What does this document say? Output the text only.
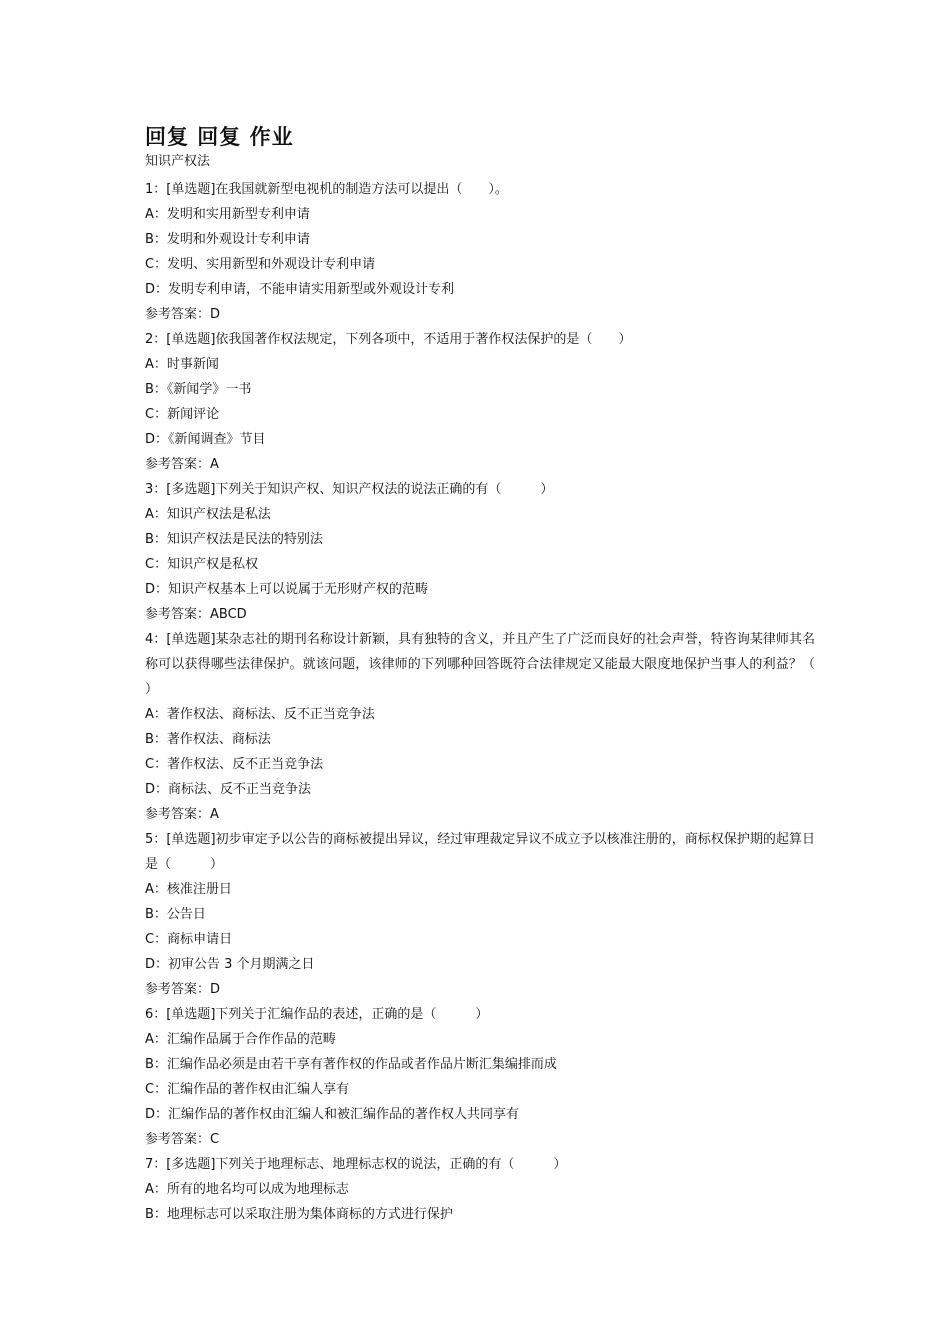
回复 回复 作业
知识产权法
1：[单选题]在我国就新型电视机的制造方法可以提出（　　）。
A：发明和实用新型专利申请
B：发明和外观设计专利申请
C：发明、实用新型和外观设计专利申请
D：发明专利申请，不能申请实用新型或外观设计专利
参考答案：D
2：[单选题]依我国著作权法规定，下列各项中，不适用于著作权法保护的是（　　）
A：时事新闻
B：《新闻学》一书
C：新闻评论
D：《新闻调查》节目
参考答案：A
3：[多选题]下列关于知识产权、知识产权法的说法正确的有（　　　）
A：知识产权法是私法
B：知识产权法是民法的特别法
C：知识产权是私权
D：知识产权基本上可以说属于无形财产权的范畴
参考答案：ABCD
4：[单选题]某杂志社的期刊名称设计新颖，具有独特的含义，并且产生了广泛而良好的社会声誉，特咨询某律师其名称可以获得哪些法律保护。就该问题，该律师的下列哪种回答既符合法律规定又能最大限度地保护当事人的利益？（　　　　　）
A：著作权法、商标法、反不正当竞争法
B：著作权法、商标法
C：著作权法、反不正当竞争法
D：商标法、反不正当竞争法
参考答案：A
5：[单选题]初步审定予以公告的商标被提出异议，经过审理裁定异议不成立予以核准注册的，商标权保护期的起算日是（　　　）
A：核准注册日
B：公告日
C：商标申请日
D：初审公告 3 个月期满之日
参考答案：D
6：[单选题]下列关于汇编作品的表述，正确的是（　　　）
A：汇编作品属于合作作品的范畴
B：汇编作品必须是由若干享有著作权的作品或者作品片断汇集编排而成
C：汇编作品的著作权由汇编人享有
D：汇编作品的著作权由汇编人和被汇编作品的著作权人共同享有
参考答案：C
7：[多选题]下列关于地理标志、地理标志权的说法，正确的有（　　　）
A：所有的地名均可以成为地理标志
B：地理标志可以采取注册为集体商标的方式进行保护
